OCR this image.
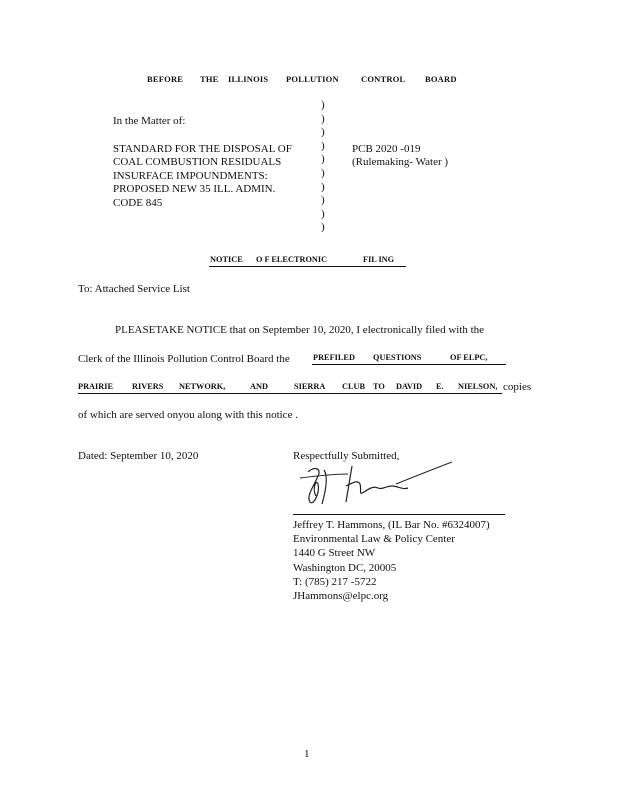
BEFORE THE ILLINOIS POLLUTION	CONTROL BOARD
)
)
)
)
)
)
)
)
)
)
In the Matter of:
STANDARD FOR THE DISPOSAL OF
COAL COMBUSTION RESIDUALS
INSURFACE IMPOUNDMENTS:
PROPOSED NEW 35 ILL. ADMIN.
CODE 845
PCB 2020 -019
(Rulemaking- Water )
NOTICE O F ELECTRONIC	FIL ING
To: Attached Service List
PLEASETAKE NOTICE that on September 10, 2020, I electronically filed with the
Clerk of the Illinois Pollution Control Board the	PREFILED QUESTIONS	OF ELPC,
PRAIRIE RIVERS NETWORK,	AND	SIERRA CLUB TO DAVID E. NIELSON, copies
of which are served onyou along with this notice .
Dated: September 10, 2020	Respectfully Submitted,
Jeffrey T. Hammons, (IL Bar No. #6324007)
Environmental Law & Policy Center
1440 G Street NW
Washington DC, 20005
T: (785) 217 -5722
JHammons@elpc.org
1
